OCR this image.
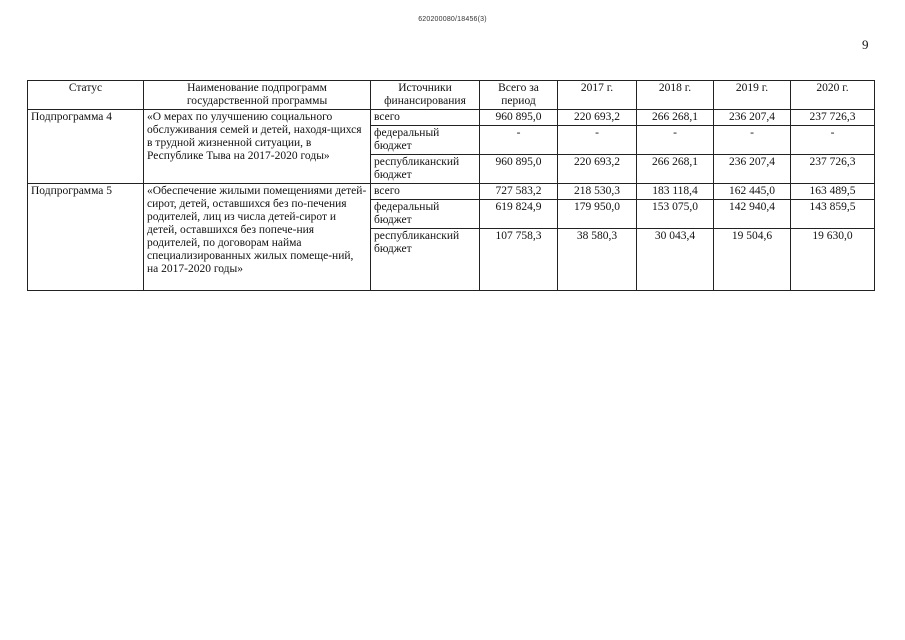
620200080/18456(3)
9
Статус	Наименование подпрограмм государственной программы	Источники финансирования	Всего за период	2017 г.	2018 г.	2019 г.	2020 г.
Подпрограмма 4	«О мерах по улучшению социального обслуживания семей и детей, находя-щихся в трудной жизненной ситуации, в Республике Тыва на 2017-2020 годы»	всего	960 895,0	220 693,2	266 268,1	236 207,4	237 726,3
		федеральный бюджет	-	-	-	-	-
		республиканский бюджет	960 895,0	220 693,2	266 268,1	236 207,4	237 726,3
Подпрограмма 5	«Обеспечение жилыми помещениями детей-сирот, детей, оставшихся без по-печения родителей, лиц из числа детей-сирот и детей, оставшихся без попече-ния родителей, по договорам найма специализированных жилых помеще-ний, на 2017-2020 годы»	всего	727 583,2	218 530,3	183 118,4	162 445,0	163 489,5
		федеральный бюджет	619 824,9	179 950,0	153 075,0	142 940,4	143 859,5
		республиканский бюджет	107 758,3	38 580,3	30 043,4	19 504,6	19 630,0
